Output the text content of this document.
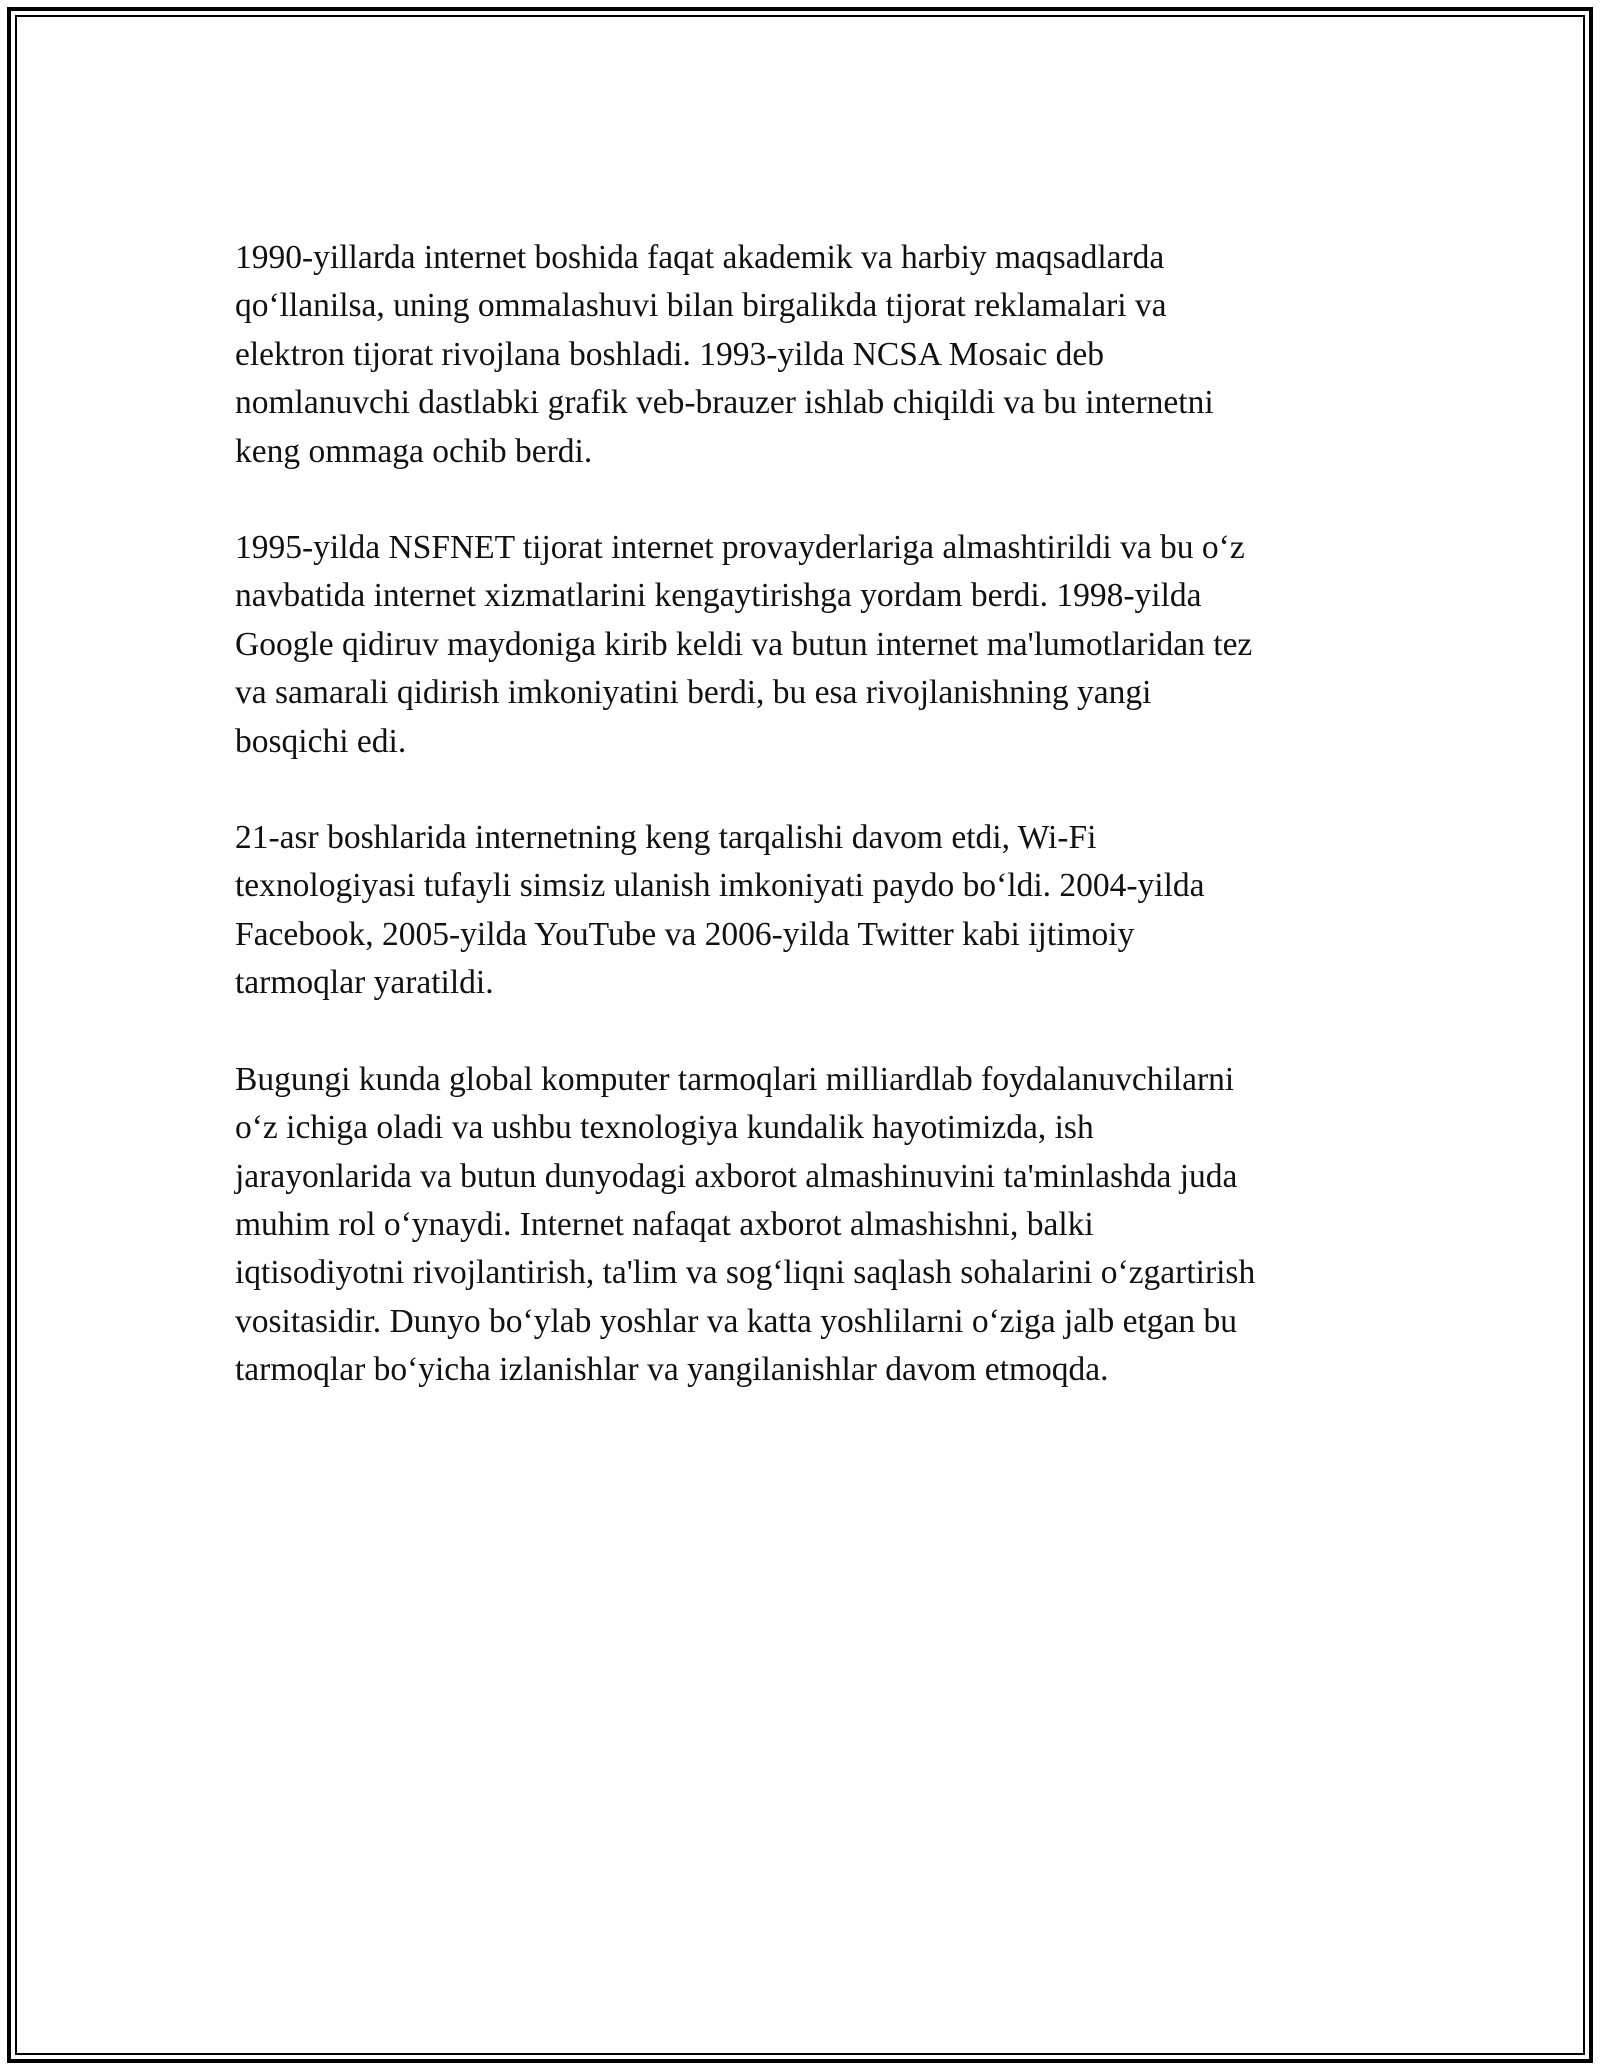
1990-yillarda internet boshida faqat akademik va harbiy maqsadlarda
qo‘llanilsa, uning ommalashuvi bilan birgalikda tijorat reklamalari va
elektron tijorat rivojlana boshladi. 1993-yilda NCSA Mosaic deb
nomlanuvchi dastlabki grafik veb-brauzer ishlab chiqildi va bu internetni
keng ommaga ochib berdi.

1995-yilda NSFNET tijorat internet provayderlariga almashtirildi va bu o‘z
navbatida internet xizmatlarini kengaytirishga yordam berdi. 1998-yilda
Google qidiruv maydoniga kirib keldi va butun internet ma'lumotlaridan tez
va samarali qidirish imkoniyatini berdi, bu esa rivojlanishning yangi
bosqichi edi.

21-asr boshlarida internetning keng tarqalishi davom etdi, Wi-Fi
texnologiyasi tufayli simsiz ulanish imkoniyati paydo bo‘ldi. 2004-yilda
Facebook, 2005-yilda YouTube va 2006-yilda Twitter kabi ijtimoiy
tarmoqlar yaratildi.

Bugungi kunda global komputer tarmoqlari milliardlab foydalanuvchilarni
o‘z ichiga oladi va ushbu texnologiya kundalik hayotimizda, ish
jarayonlarida va butun dunyodagi axborot almashinuvini ta'minlashda juda
muhim rol o‘ynaydi. Internet nafaqat axborot almashishni, balki
iqtisodiyotni rivojlantirish, ta'lim va sog‘liqni saqlash sohalarini o‘zgartirish
vositasidir. Dunyo bo‘ylab yoshlar va katta yoshlilarni o‘ziga jalb etgan bu
tarmoqlar bo‘yicha izlanishlar va yangilanishlar davom etmoqda.
